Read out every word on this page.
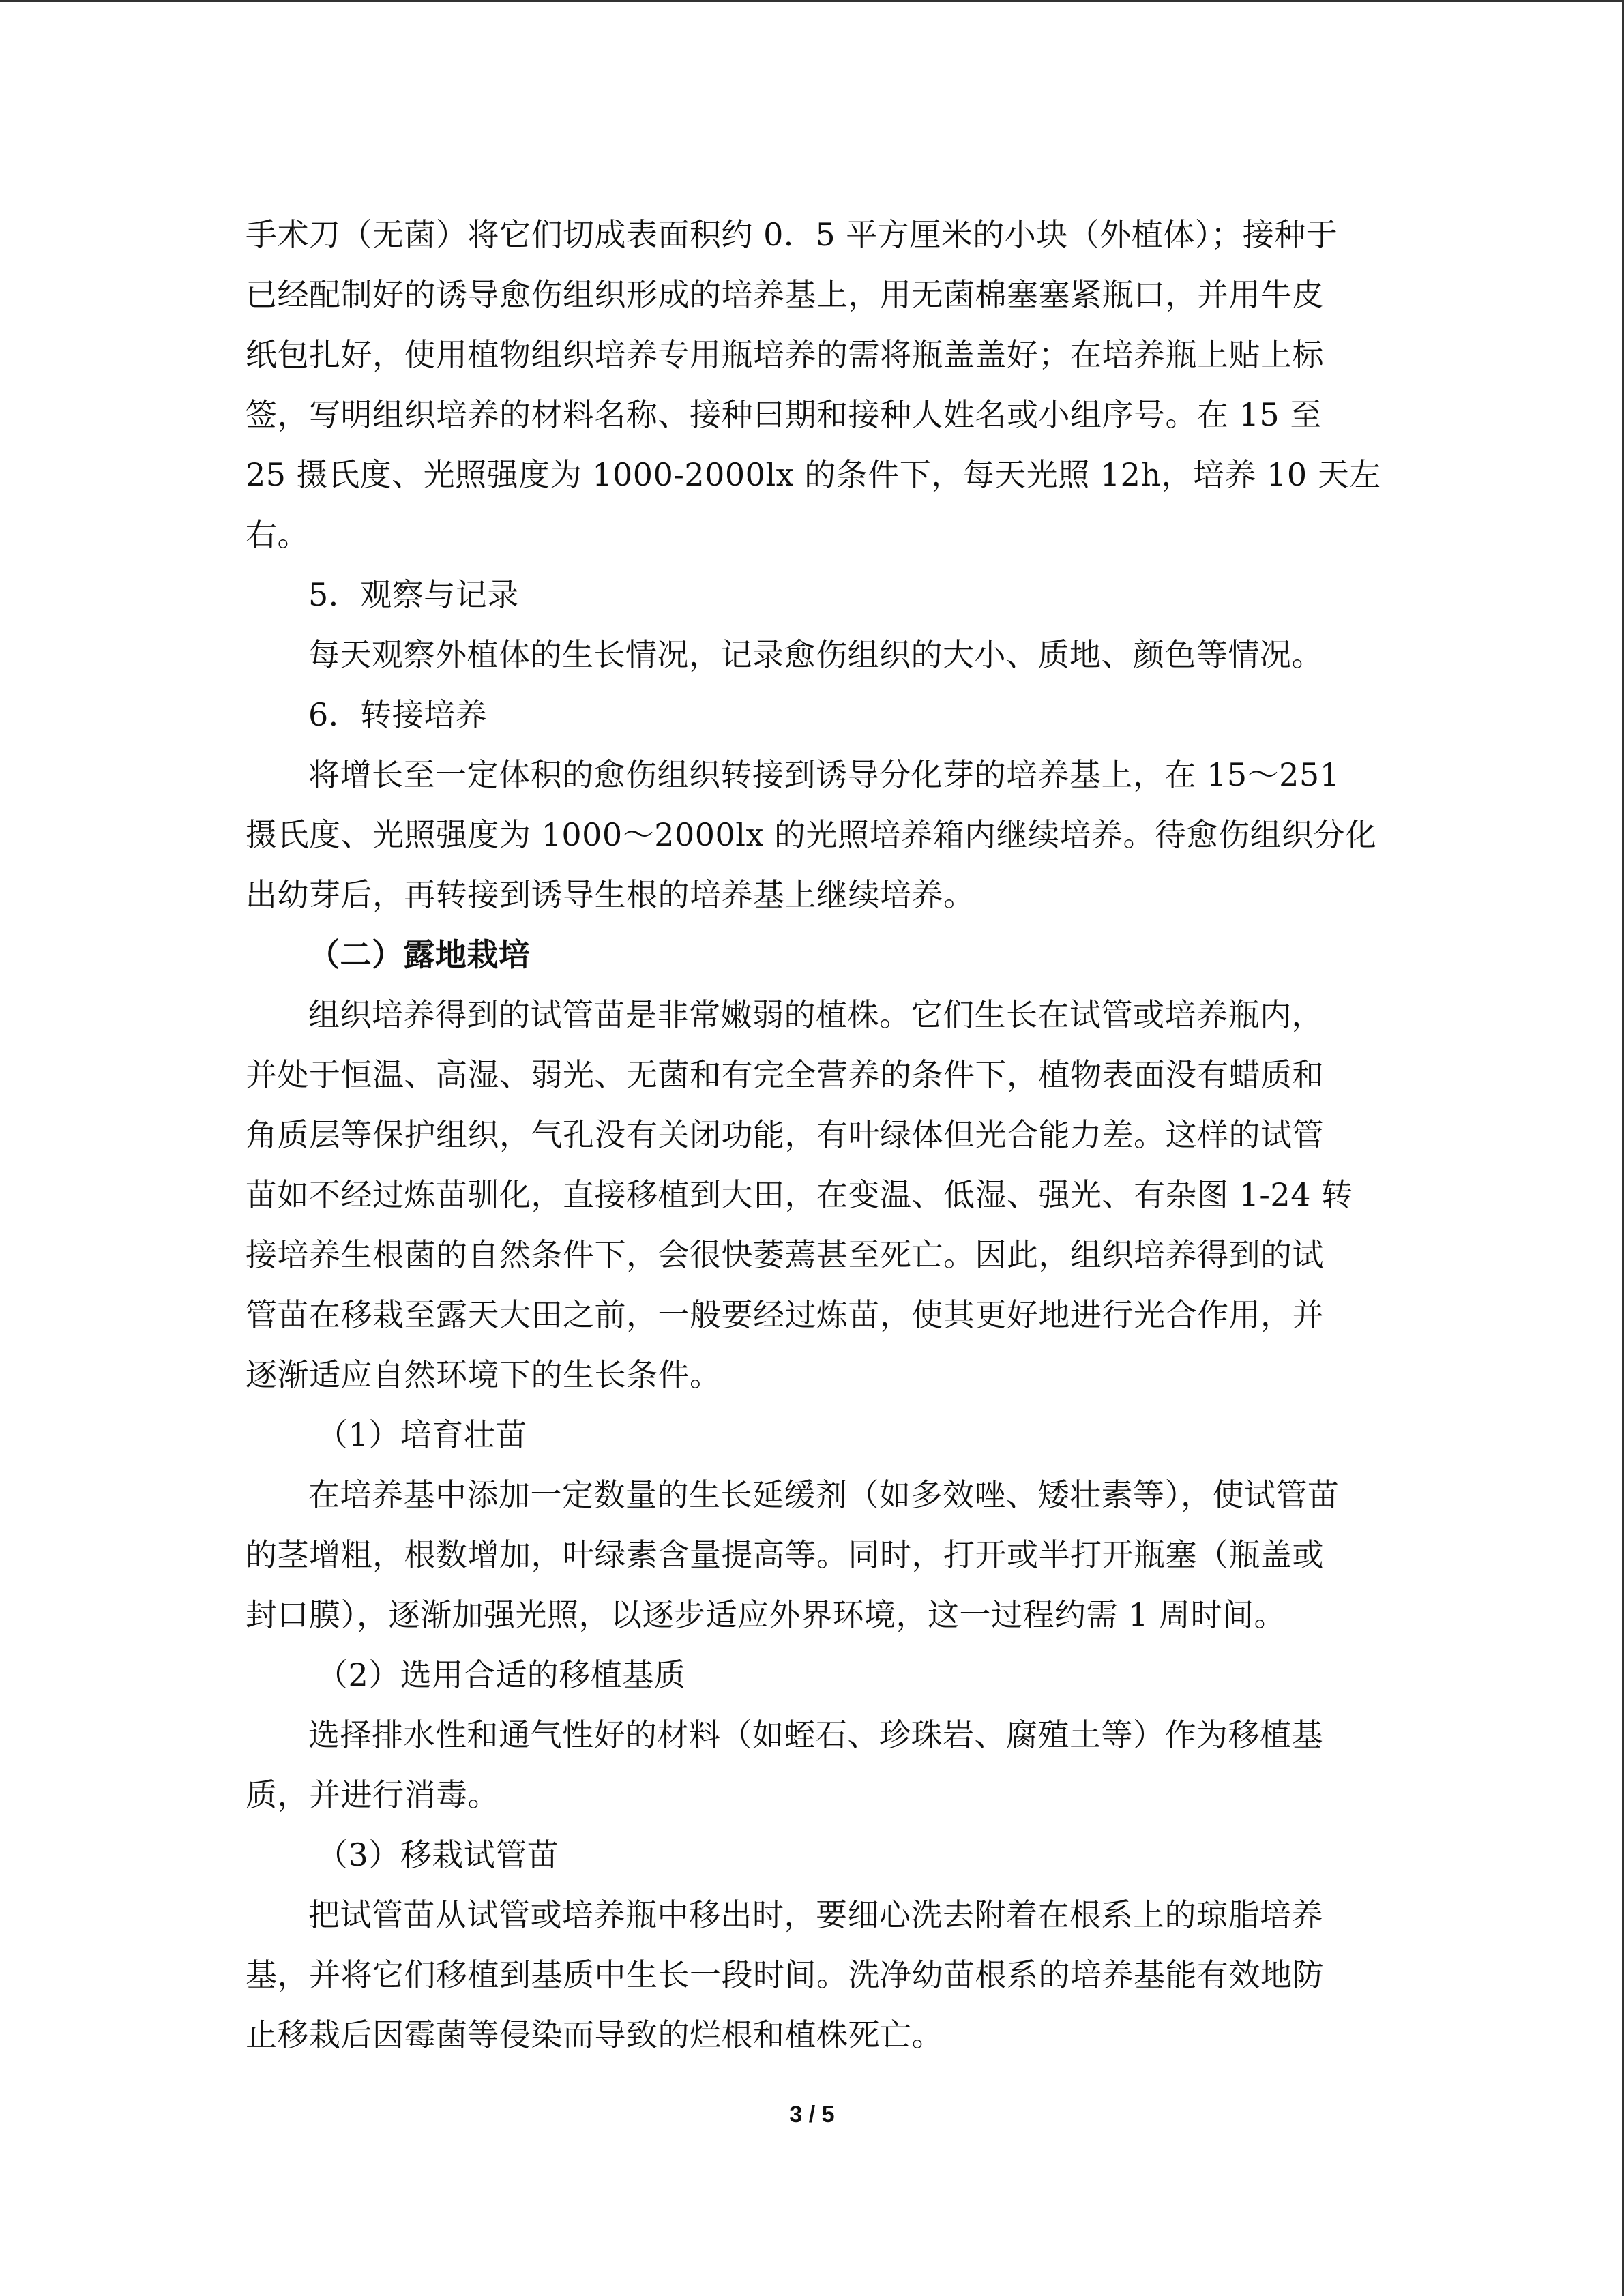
手术刀（无菌）将它们切成表面积约 0．5 平方厘米的小块（外植体）；接种于
已经配制好的诱导愈伤组织形成的培养基上，用无菌棉塞塞紧瓶口，并用牛皮
纸包扎好，使用植物组织培养专用瓶培养的需将瓶盖盖好；在培养瓶上贴上标
签，写明组织培养的材料名称、接种曰期和接种人姓名或小组序号。在 15 至
25 摄氏度、光照强度为 1000-2000lx 的条件下，每天光照 12h，培养 10 天左
右。
5．观察与记录
每天观察外植体的生长情况，记录愈伤组织的大小、质地、颜色等情况。
6．转接培养
将增长至一定体积的愈伤组织转接到诱导分化芽的培养基上，在 15～251
摄氏度、光照强度为 1000～2000lx 的光照培养箱内继续培养。待愈伤组织分化
出幼芽后，再转接到诱导生根的培养基上继续培养。
（二）露地栽培
组织培养得到的试管苗是非常嫩弱的植株。它们生长在试管或培养瓶内，
并处于恒温、高湿、弱光、无菌和有完全营养的条件下，植物表面没有蜡质和
角质层等保护组织，气孔没有关闭功能，有叶绿体但光合能力差。这样的试管
苗如不经过炼苗驯化，直接移植到大田，在变温、低湿、强光、有杂图 1-24 转
接培养生根菌的自然条件下，会很快萎蔫甚至死亡。因此，组织培养得到的试
管苗在移栽至露天大田之前，一般要经过炼苗，使其更好地进行光合作用，并
逐渐适应自然环境下的生长条件。
（1）培育壮苗
在培养基中添加一定数量的生长延缓剂（如多效唑、矮壮素等），使试管苗
的茎增粗，根数增加，叶绿素含量提高等。同时，打开或半打开瓶塞（瓶盖或
封口膜），逐渐加强光照，以逐步适应外界环境，这一过程约需 1 周时间。
（2）选用合适的移植基质
选择排水性和通气性好的材料（如蛭石、珍珠岩、腐殖土等）作为移植基
质，并进行消毒。
（3）移栽试管苗
把试管苗从试管或培养瓶中移出时，要细心洗去附着在根系上的琼脂培养
基，并将它们移植到基质中生长一段时间。洗净幼苗根系的培养基能有效地防
止移栽后因霉菌等侵染而导致的烂根和植株死亡。
3 / 5
